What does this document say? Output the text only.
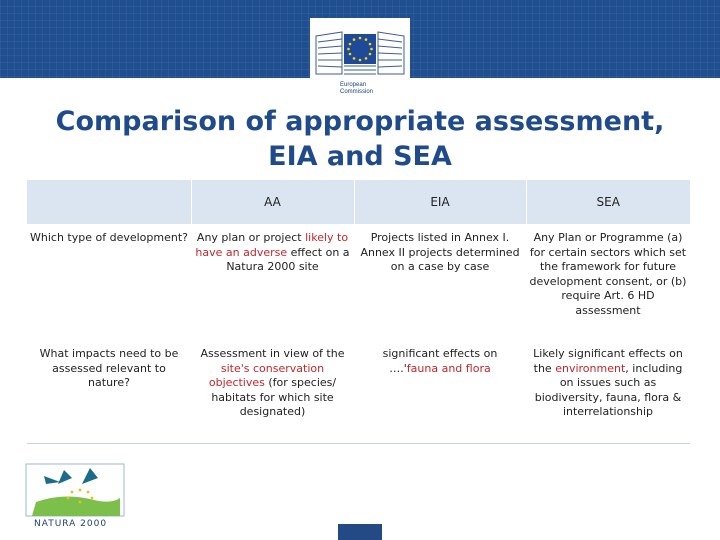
European
Commission
Comparison of appropriate assessment,
EIA and SEA
	AA	EIA	SEA
Which type of development?	Any plan or project likely to have an adverse effect on a Natura 2000 site	Projects listed in Annex I. Annex II projects determined on a case by case	Any Plan or Programme (a) for certain sectors which set the framework for future development consent, or (b) require Art. 6 HD assessment
What impacts need to be assessed relevant to nature?	Assessment in view of the site's conservation objectives (for species/ habitats for which site designated)	significant effects on ….'fauna and flora	Likely significant effects on the environment, including on issues such as biodiversity, fauna, flora & interrelationship
NATURA 2000
